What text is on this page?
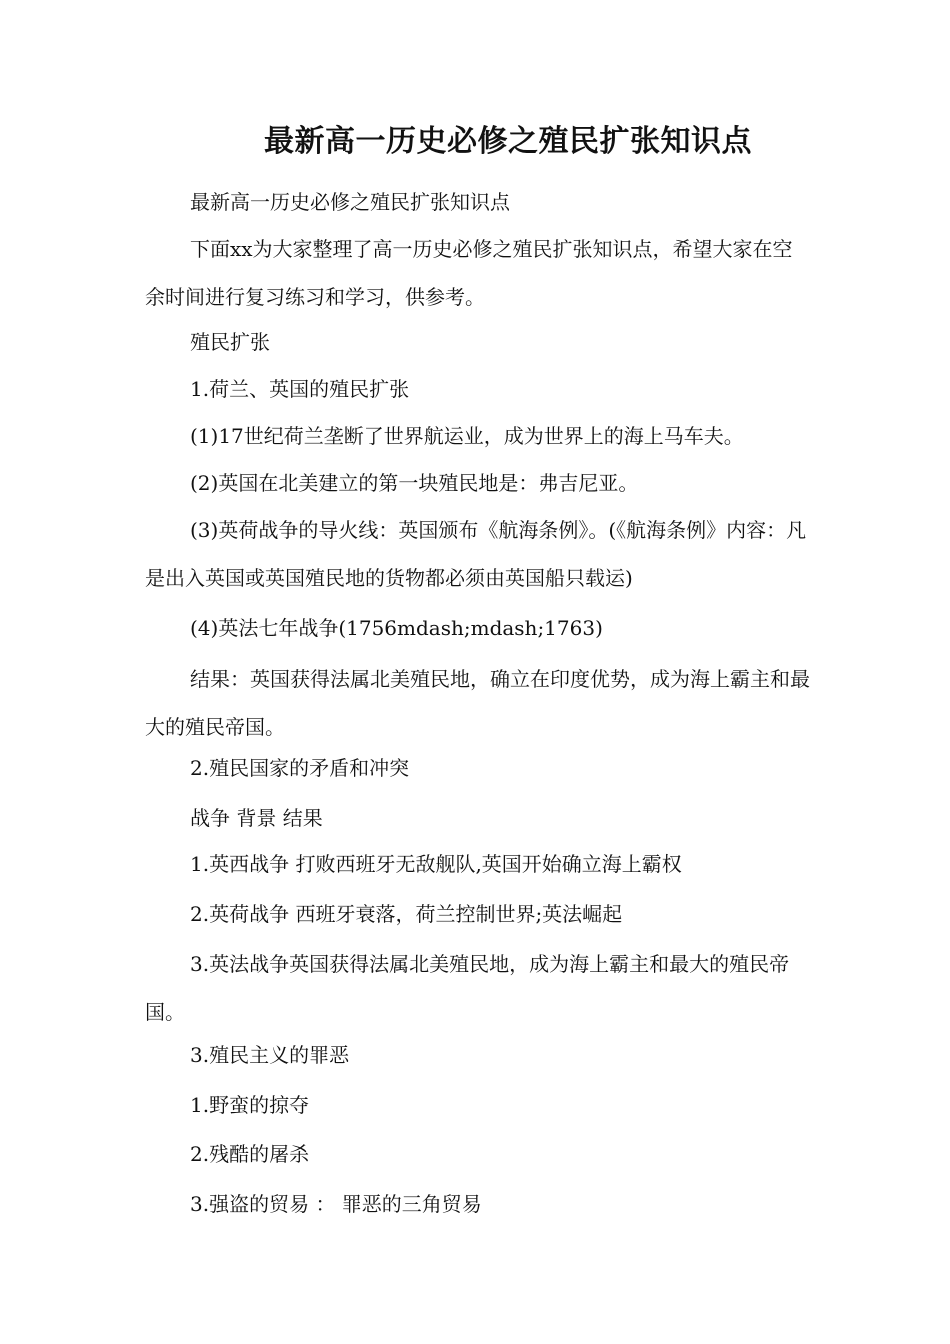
最新高一历史必修之殖民扩张知识点
最新高一历史必修之殖民扩张知识点
下面xx为大家整理了高一历史必修之殖民扩张知识点，希望大家在空余时间进行复习练习和学习，供参考。
殖民扩张
1.荷兰、英国的殖民扩张
(1)17世纪荷兰垄断了世界航运业，成为世界上的海上马车夫。
(2)英国在北美建立的第一块殖民地是：弗吉尼亚。
(3)英荷战争的导火线：英国颁布《航海条例》。(《航海条例》内容：凡是出入英国或英国殖民地的货物都必须由英国船只载运)
(4)英法七年战争(1756mdash;mdash;1763)
结果：英国获得法属北美殖民地，确立在印度优势，成为海上霸主和最大的殖民帝国。
2.殖民国家的矛盾和冲突
战争 背景 结果
1.英西战争 打败西班牙无敌舰队,英国开始确立海上霸权
2.英荷战争 西班牙衰落，荷兰控制世界;英法崛起
3.英法战争英国获得法属北美殖民地，成为海上霸主和最大的殖民帝国。
3.殖民主义的罪恶
1.野蛮的掠夺
2.残酷的屠杀
3.强盗的贸易 ： 罪恶的三角贸易
